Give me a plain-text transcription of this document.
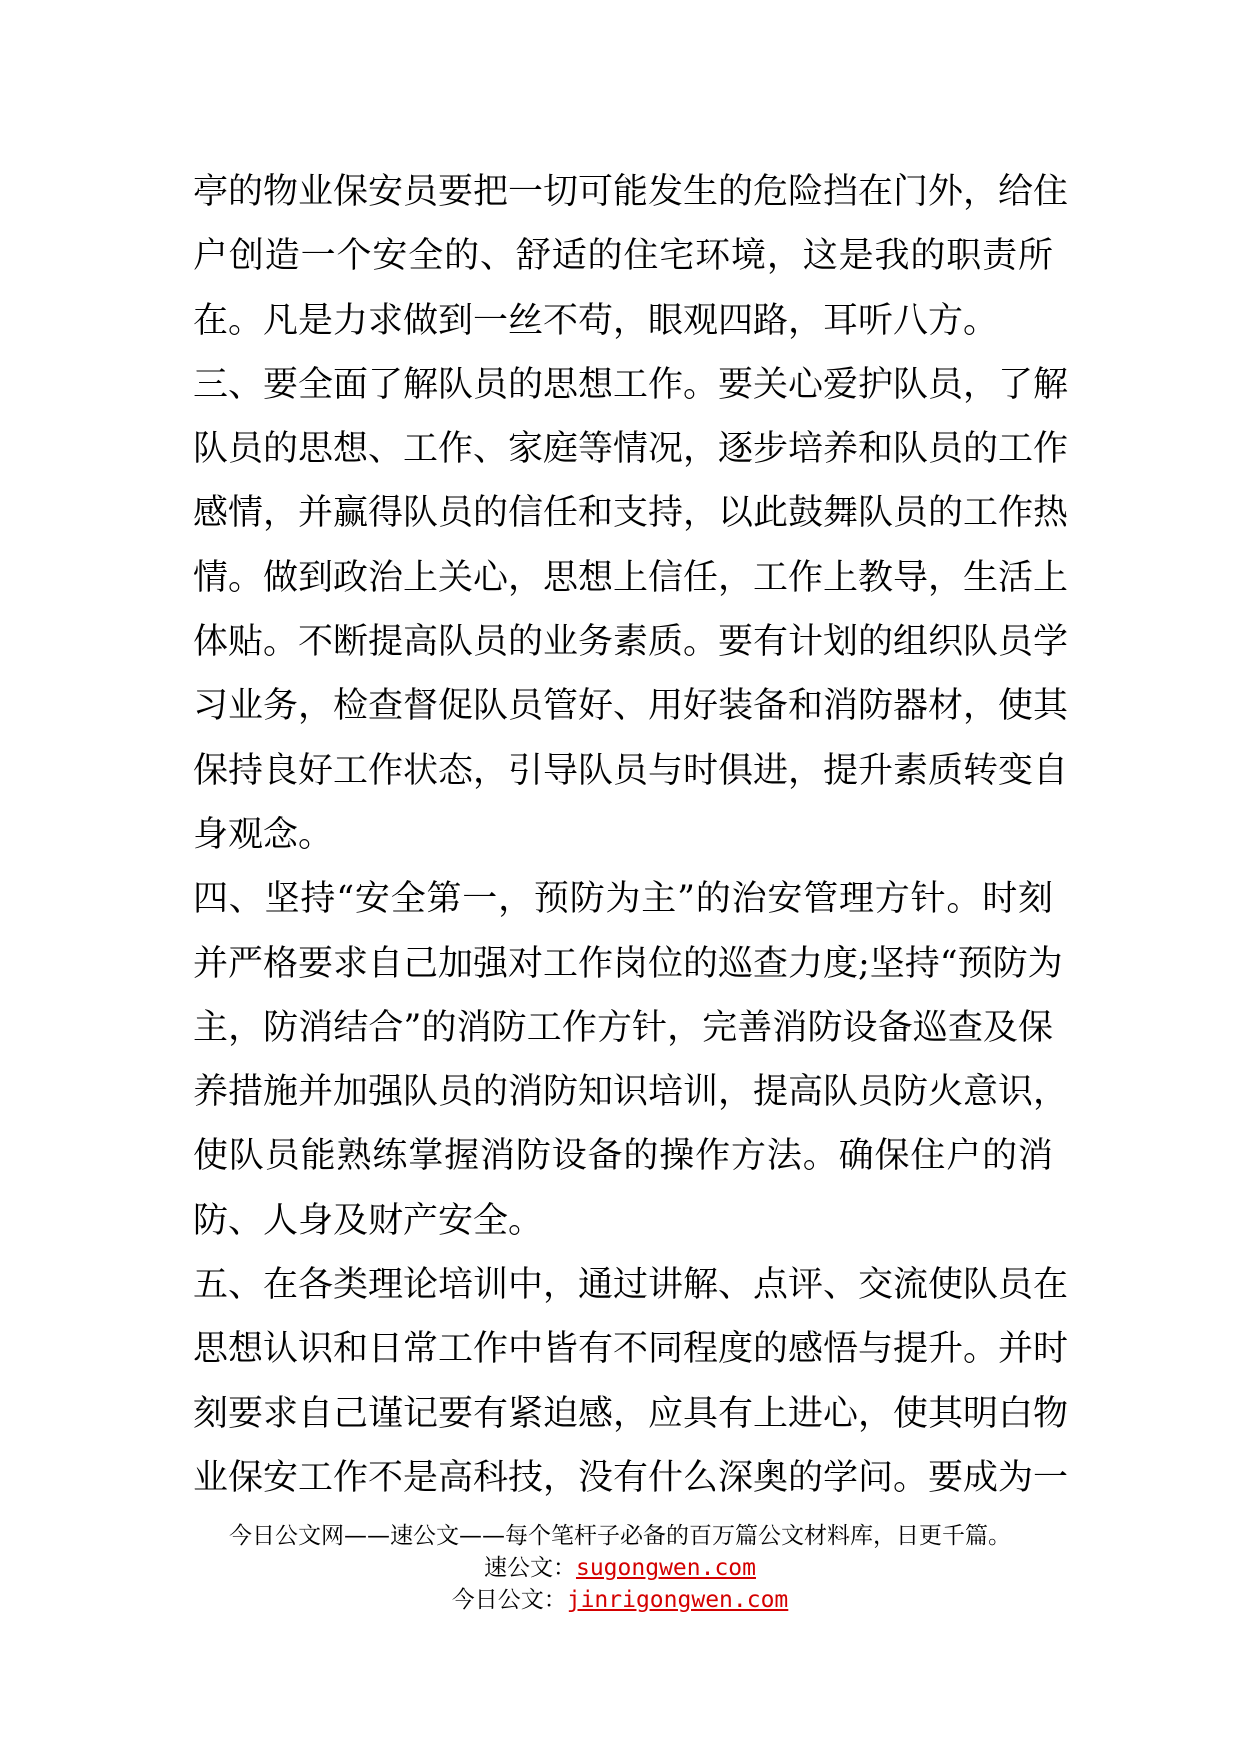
亭的物业保安员要把一切可能发生的危险挡在门外，给住
户创造一个安全的、舒适的住宅环境，这是我的职责所
在。凡是力求做到一丝不苟，眼观四路，耳听八方。
三、要全面了解队员的思想工作。要关心爱护队员，了解
队员的思想、工作、家庭等情况，逐步培养和队员的工作
感情，并赢得队员的信任和支持，以此鼓舞队员的工作热
情。做到政治上关心，思想上信任，工作上教导，生活上
体贴。不断提高队员的业务素质。要有计划的组织队员学
习业务，检查督促队员管好、用好装备和消防器材，使其
保持良好工作状态，引导队员与时俱进，提升素质转变自
身观念。
四、坚持“安全第一，预防为主”的治安管理方针。时刻
并严格要求自己加强对工作岗位的巡查力度;坚持“预防为
主，防消结合”的消防工作方针，完善消防设备巡查及保
养措施并加强队员的消防知识培训，提高队员防火意识，
使队员能熟练掌握消防设备的操作方法。确保住户的消
防、人身及财产安全。
五、在各类理论培训中，通过讲解、点评、交流使队员在
思想认识和日常工作中皆有不同程度的感悟与提升。并时
刻要求自己谨记要有紧迫感，应具有上进心，使其明白物
业保安工作不是高科技，没有什么深奥的学问。要成为一
今日公文网——速公文——每个笔杆子必备的百万篇公文材料库，日更千篇。
速公文：sugongwen.com
今日公文：jinrigongwen.com
